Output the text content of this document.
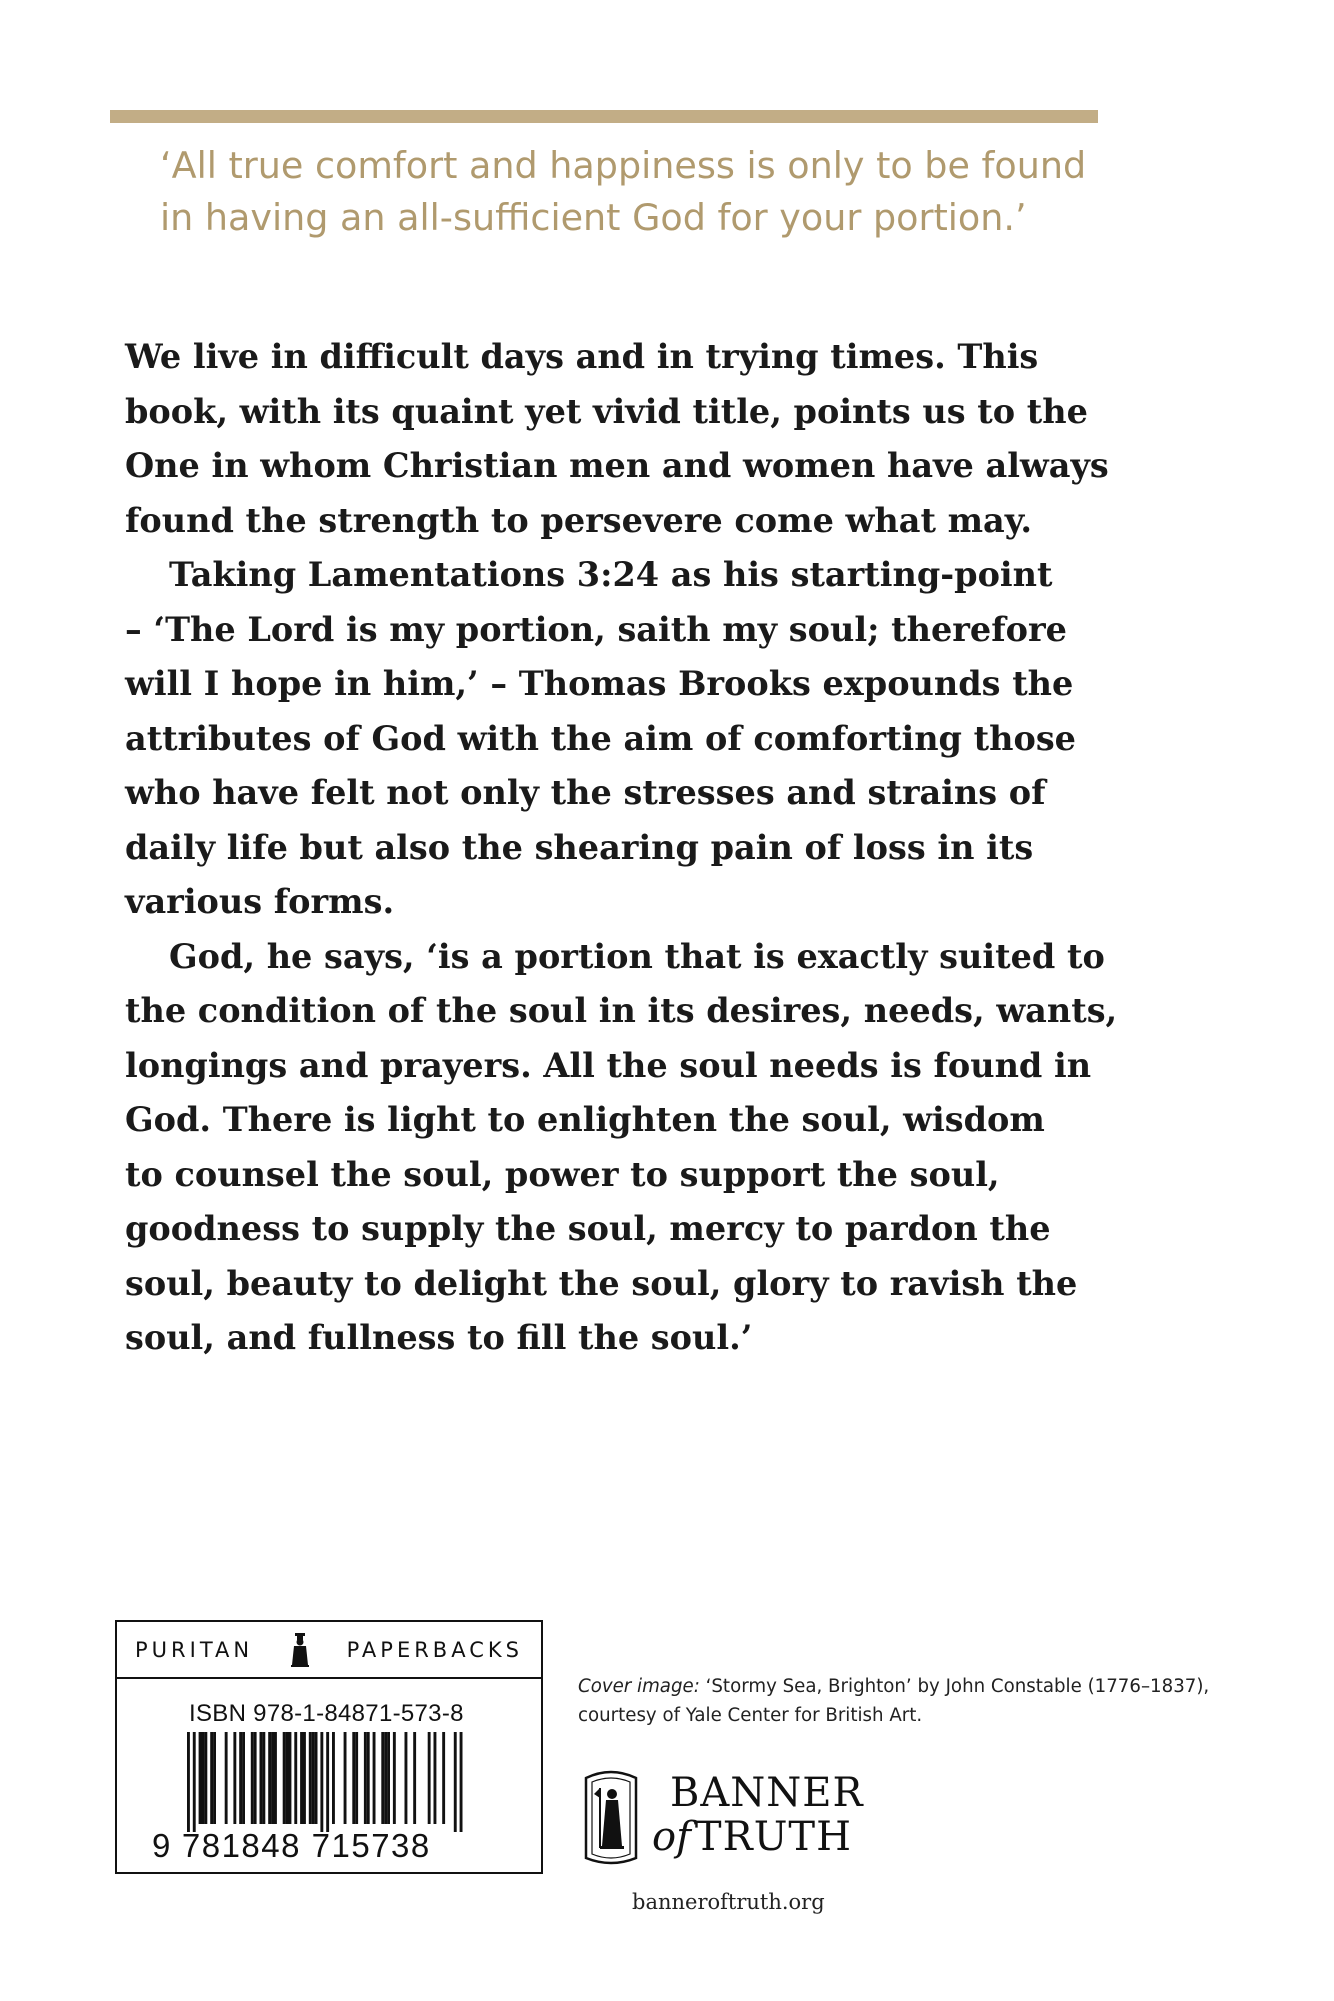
‘All true comfort and happiness is only to be found
in having an all-sufficient God for your portion.’
We live in difficult days and in trying times. This
book, with its quaint yet vivid title, points us to the
One in whom Christian men and women have always
found the strength to persevere come what may.
Taking Lamentations 3:24 as his starting-point
– ‘The Lord is my portion, saith my soul; therefore
will I hope in him,’ – Thomas Brooks expounds the
attributes of God with the aim of comforting those
who have felt not only the stresses and strains of
daily life but also the shearing pain of loss in its
various forms.
God, he says, ‘is a portion that is exactly suited to
the condition of the soul in its desires, needs, wants,
longings and prayers. All the soul needs is found in
God. There is light to enlighten the soul, wisdom
to counsel the soul, power to support the soul,
goodness to supply the soul, mercy to pardon the
soul, beauty to delight the soul, glory to ravish the
soul, and fullness to fill the soul.’
PURITAN	PAPERBACKS
ISBN 978-1-84871-573-8
9 781848 715738
Cover image: ‘Stormy Sea, Brighton’ by John Constable (1776–1837),
courtesy of Yale Center for British Art.
BANNER
of TRUTH
banneroftruth.org
